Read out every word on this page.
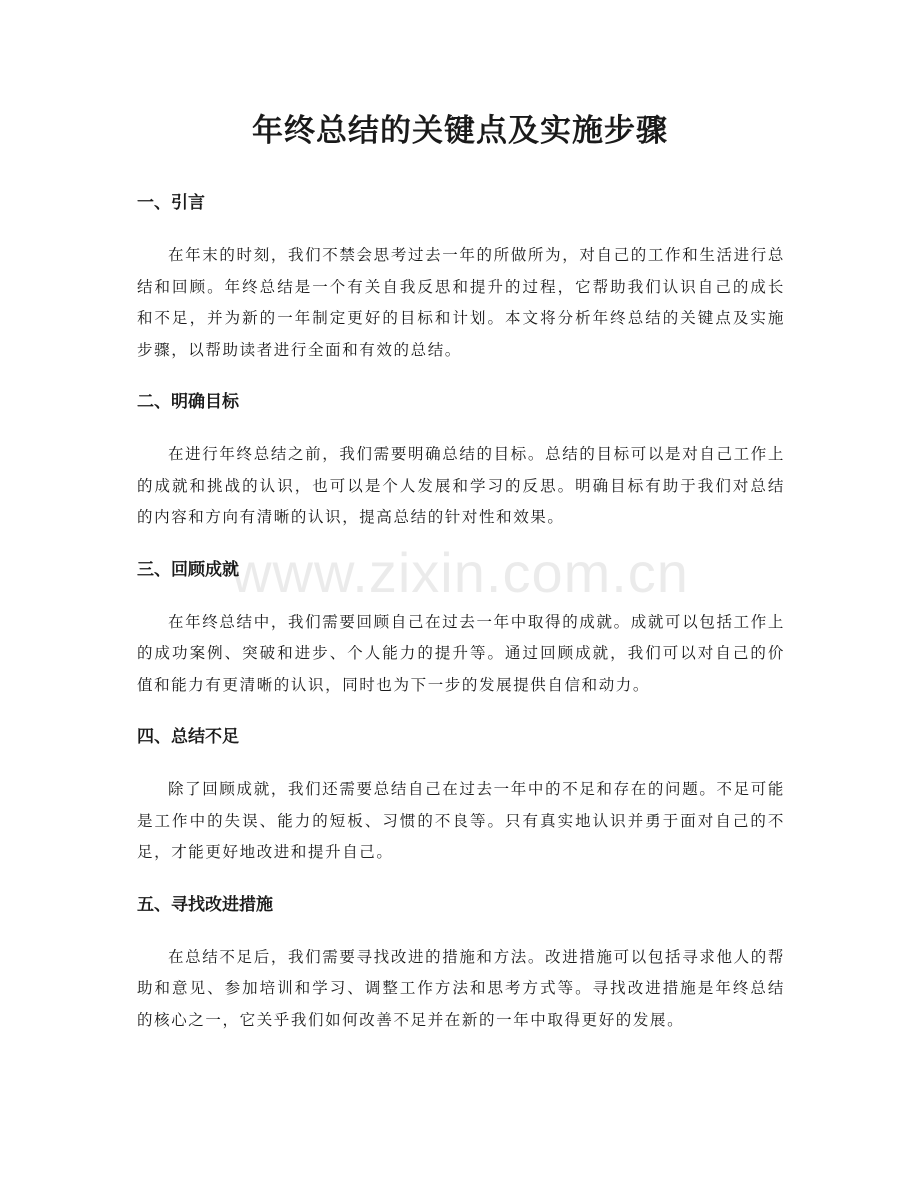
年终总结的关键点及实施步骤
一、引言

在年末的时刻，我们不禁会思考过去一年的所做所为，对自己的工作和生活进行总结和回顾。年终总结是一个有关自我反思和提升的过程，它帮助我们认识自己的成长和不足，并为新的一年制定更好的目标和计划。本文将分析年终总结的关键点及实施步骤，以帮助读者进行全面和有效的总结。

二、明确目标

在进行年终总结之前，我们需要明确总结的目标。总结的目标可以是对自己工作上的成就和挑战的认识，也可以是个人发展和学习的反思。明确目标有助于我们对总结的内容和方向有清晰的认识，提高总结的针对性和效果。

三、回顾成就

在年终总结中，我们需要回顾自己在过去一年中取得的成就。成就可以包括工作上的成功案例、突破和进步、个人能力的提升等。通过回顾成就，我们可以对自己的价值和能力有更清晰的认识，同时也为下一步的发展提供自信和动力。

四、总结不足

除了回顾成就，我们还需要总结自己在过去一年中的不足和存在的问题。不足可能是工作中的失误、能力的短板、习惯的不良等。只有真实地认识并勇于面对自己的不足，才能更好地改进和提升自己。

五、寻找改进措施

在总结不足后，我们需要寻找改进的措施和方法。改进措施可以包括寻求他人的帮助和意见、参加培训和学习、调整工作方法和思考方式等。寻找改进措施是年终总结的核心之一，它关乎我们如何改善不足并在新的一年中取得更好的发展。

www.zixin.com.cn
